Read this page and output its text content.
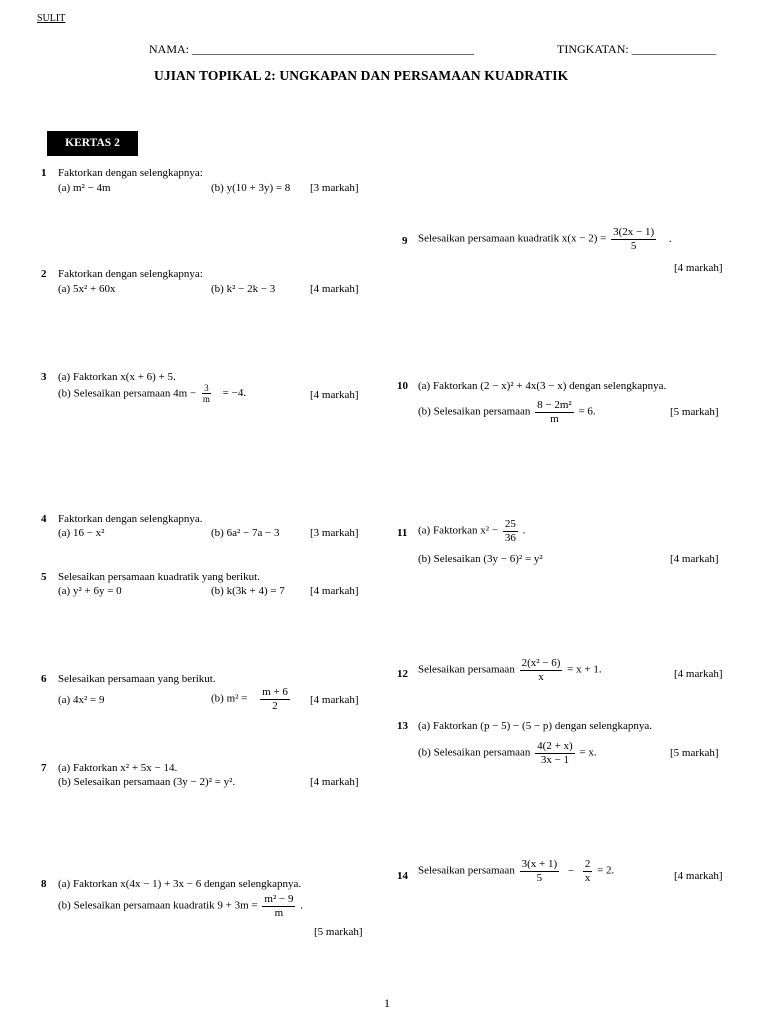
SULIT
NAMA: _______________________________________________	TINGKATAN: ______________
UJIAN TOPIKAL 2: UNGKAPAN DAN PERSAMAAN KUADRATIK
KERTAS 2
1 Faktorkan dengan selengkapnya:
(a) m² − 4m	(b) y(10 + 3y) = 8 [3 markah]
2 Faktorkan dengan selengkapnya:
(a) 5x² + 60x	(b) k² − 2k − 3	[4 markah]
3 (a) Faktorkan x(x + 6) + 5.
(b) Selesaikan persamaan $4m - \frac{3}{m} = -4$.	[4 markah]
4 Faktorkan dengan selengkapnya.
(a) 16 − x²	(b) 6a² − 7a − 3	[3 markah]
5 Selesaikan persamaan kuadratik yang berikut.
(a) y² + 6y = 0	(b) k(3k + 4) = 7 [4 markah]
6 Selesaikan persamaan yang berikut.
(a) 4x² = 9	(b) $m^2 = \frac{m + 6}{2} [4$ markah]
7 (a) Faktorkan x² + 5x − 14.
(b) Selesaikan persamaan (3y − 2)² = y².	[4 markah]
8 (a) Faktorkan x(4x − 1) + 3x − 6 dengan selengkapnya.
(b) Selesaikan persamaan kuadratik $9 + 3m = \frac{\text{m² − 9}}{m}$ .
[5 markah]
9 Selesaikan persamaan kuadratik $x(x - 2) = \frac{3(2x - 1)}{5}$ .
[4 markah]
10 (a) Faktorkan (2 − x)² + 4x(3 − x) dengan selengkapnya.
(b) Selesaikan persamaan $\frac{\text{8 − 2m²}}{m} = 6$.	[5 markah]
11 (a) Faktorkan $x^2 - \frac{25}{36}$ .
(b) Selesaikan (3y − 6)² = y²	[4 markah]
12 Selesaikan persamaan $\frac{\text{2(x² − 6)}}{x} = x + 1$.	[4 markah]
13 (a) Faktorkan (p − 5) − (5 − p) dengan selengkapnya.
(b) Selesaikan persamaan $\frac{4(2 + x)}{3x - 1} = x$.	[5 markah]
14 Selesaikan persamaan $\frac{3(x + 1)}{5} - \frac{2}{x} = 2$.	[4 markah]
1
